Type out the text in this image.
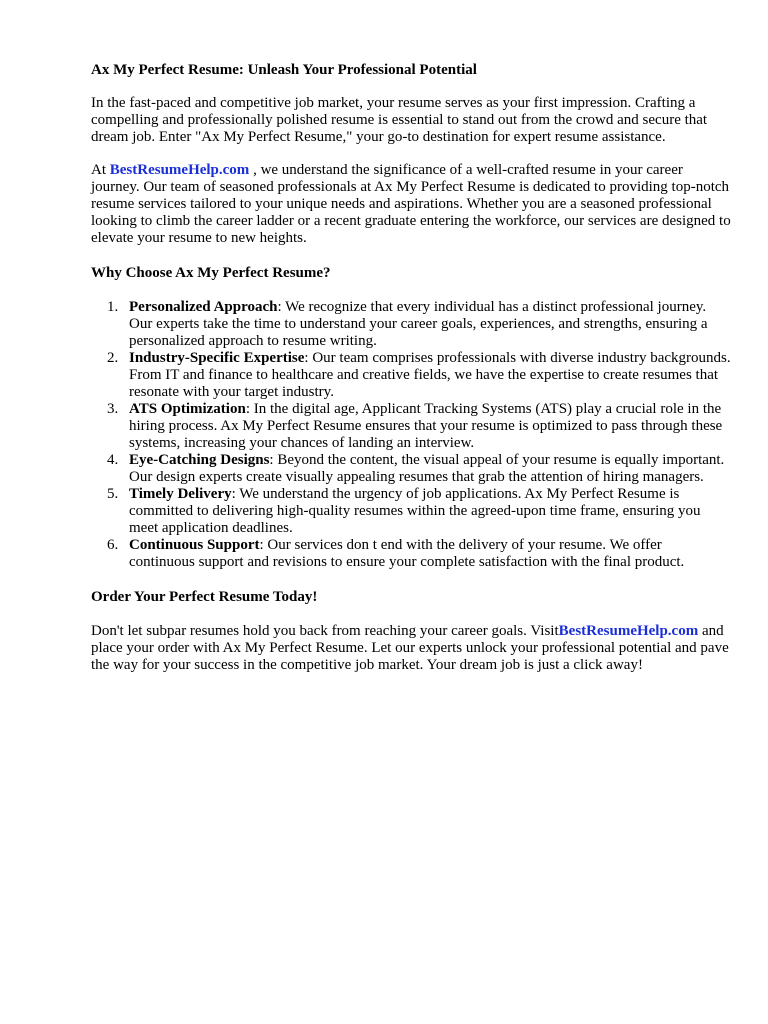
Ax My Perfect Resume: Unleash Your Professional Potential

In the fast-paced and competitive job market, your resume serves as your first impression. Crafting a compelling and professionally polished resume is essential to stand out from the crowd and secure that dream job. Enter "Ax My Perfect Resume," your go-to destination for expert resume assistance.

At BestResumeHelp.com , we understand the significance of a well-crafted resume in your career journey. Our team of seasoned professionals at Ax My Perfect Resume is dedicated to providing top-notch resume services tailored to your unique needs and aspirations. Whether you are a seasoned professional looking to climb the career ladder or a recent graduate entering the workforce, our services are designed to elevate your resume to new heights.

Why Choose Ax My Perfect Resume?

1. Personalized Approach: We recognize that every individual has a distinct professional journey. Our experts take the time to understand your career goals, experiences, and strengths, ensuring a personalized approach to resume writing.
2. Industry-Specific Expertise: Our team comprises professionals with diverse industry backgrounds. From IT and finance to healthcare and creative fields, we have the expertise to create resumes that resonate with your target industry.
3. ATS Optimization: In the digital age, Applicant Tracking Systems (ATS) play a crucial role in the hiring process. Ax My Perfect Resume ensures that your resume is optimized to pass through these systems, increasing your chances of landing an interview.
4. Eye-Catching Designs: Beyond the content, the visual appeal of your resume is equally important. Our design experts create visually appealing resumes that grab the attention of hiring managers.
5. Timely Delivery: We understand the urgency of job applications. Ax My Perfect Resume is committed to delivering high-quality resumes within the agreed-upon time frame, ensuring you meet application deadlines.
6. Continuous Support: Our services don t end with the delivery of your resume. We offer continuous support and revisions to ensure your complete satisfaction with the final product.

Order Your Perfect Resume Today!

Don't let subpar resumes hold you back from reaching your career goals. VisitBestResumeHelp.com and place your order with Ax My Perfect Resume. Let our experts unlock your professional potential and pave the way for your success in the competitive job market. Your dream job is just a click away!
